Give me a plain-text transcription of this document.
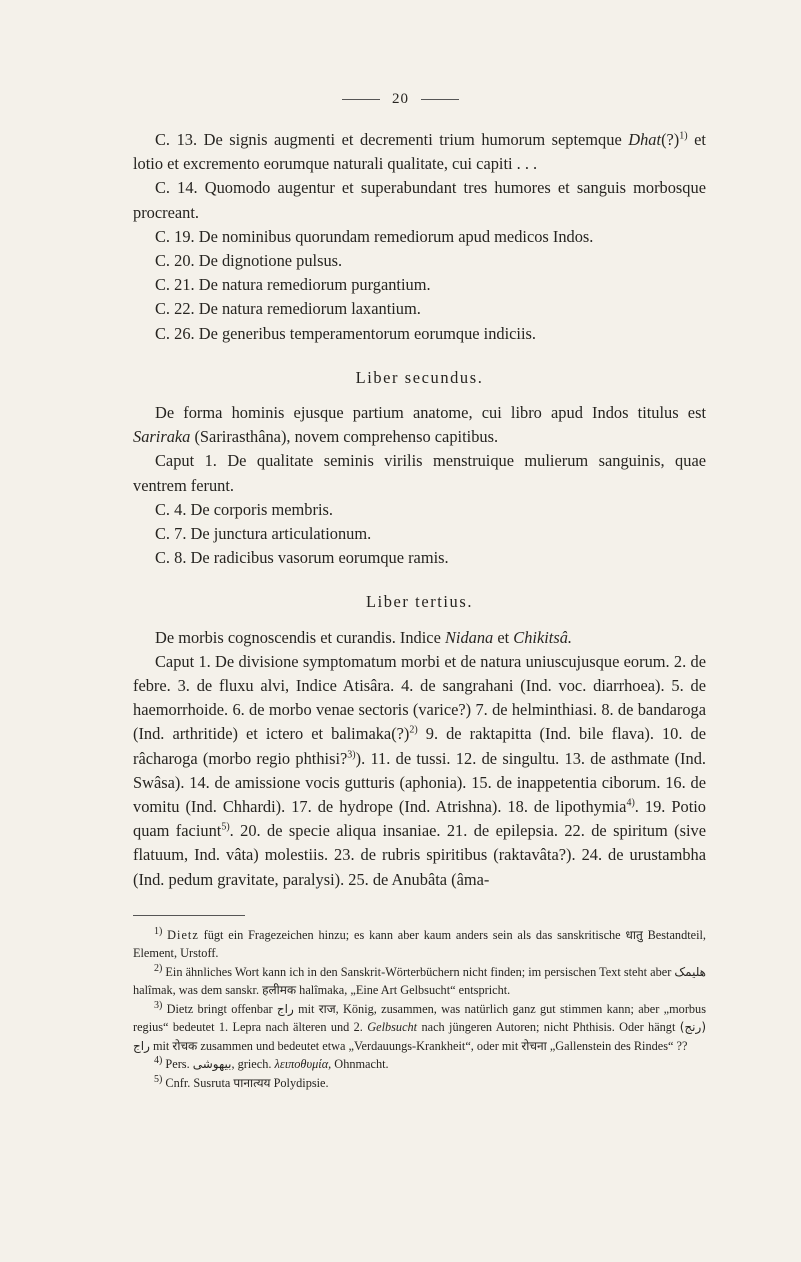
20

C. 13. De signis augmenti et decrementi trium humorum septemque Dhat(?)$^{1)}$ et lotio et excremento eorumque naturali qualitate, cui capiti . . .

C. 14. Quomodo augentur et superabundant tres humores et sanguis morbosque procreant.

C. 19. De nominibus quorundam remediorum apud medicos Indos.

C. 20. De dignotione pulsus.

C. 21. De natura remediorum purgantium.

C. 22. De natura remediorum laxantium.

C. 26. De generibus temperamentorum eorumque indiciis.

Liber secundus.

De forma hominis ejusque partium anatome, cui libro apud Indos titulus est Sariraka (Sarirasthâna), novem comprehenso capitibus.

Caput 1. De qualitate seminis virilis menstruique mulierum sanguinis, quae ventrem ferunt.

C. 4. De corporis membris.

C. 7. De junctura articulationum.

C. 8. De radicibus vasorum eorumque ramis.

Liber tertius.

De morbis cognoscendis et curandis. Indice Nidana et Chikitsâ.

Caput 1. De divisione symptomatum morbi et de natura uniuscujusque eorum. 2. de febre. 3. de fluxu alvi, Indice Atisâra. 4. de sangrahani (Ind. voc. diarrhoea). 5. de haemorrhoide. 6. de morbo venae sectoris (varice?) 7. de helminthiasi. 8. de bandaroga (Ind. arthritide) et ictero et balimaka(?)$^{2)}$ 9. de raktapitta (Ind. bile flava). 10. de râcharoga (morbo regio phthisi?$^{3)}$). 11. de tussi. 12. de singultu. 13. de asthmate (Ind. Swâsa). 14. de amissione vocis gutturis (aphonia). 15. de inappetentia ciborum. 16. de vomitu (Ind. Chhardi). 17. de hydrope (Ind. Atrishna). 18. de lipothymia$^{4)}$. 19. Potio quam faciunt$^{5)}$. 20. de specie aliqua insaniae. 21. de epilepsia. 22. de spiritum (sive flatuum, Ind. vâta) molestiis. 23. de rubris spiritibus (raktavâta?). 24. de urustambha (Ind. pedum gravitate, paralysi). 25. de Anubâta (âma-

$^{1)}$ Dietz fügt ein Fragezeichen hinzu; es kann aber kaum anders sein als das sanskritische धातु Bestandteil, Element, Urstoff.

$^{2)}$ Ein ähnliches Wort kann ich in den Sanskrit-Wörterbüchern nicht finden; im persischen Text steht aber هلیمک halîmak, was dem sanskr. हलीमक halîmaka, „Eine Art Gelbsucht“ entspricht.

$^{3)}$ Dietz bringt offenbar راج mit राज, König, zusammen, was natürlich ganz gut stimmen kann; aber „morbus regius“ bedeutet 1. Lepra nach älteren und 2. Gelbsucht nach jüngeren Autoren; nicht Phthisis. Oder hängt (رنج) راج mit रोचक zusammen und bedeutet etwa „Verdauungs-Krankheit“, oder mit रोचना „Gallenstein des Rindes“ ??

$^{4)}$ Pers. بیهوشی, griech. λειποθυμία, Ohnmacht.

$^{5)}$ Cnfr. Susruta पानात्यय Polydipsie.
